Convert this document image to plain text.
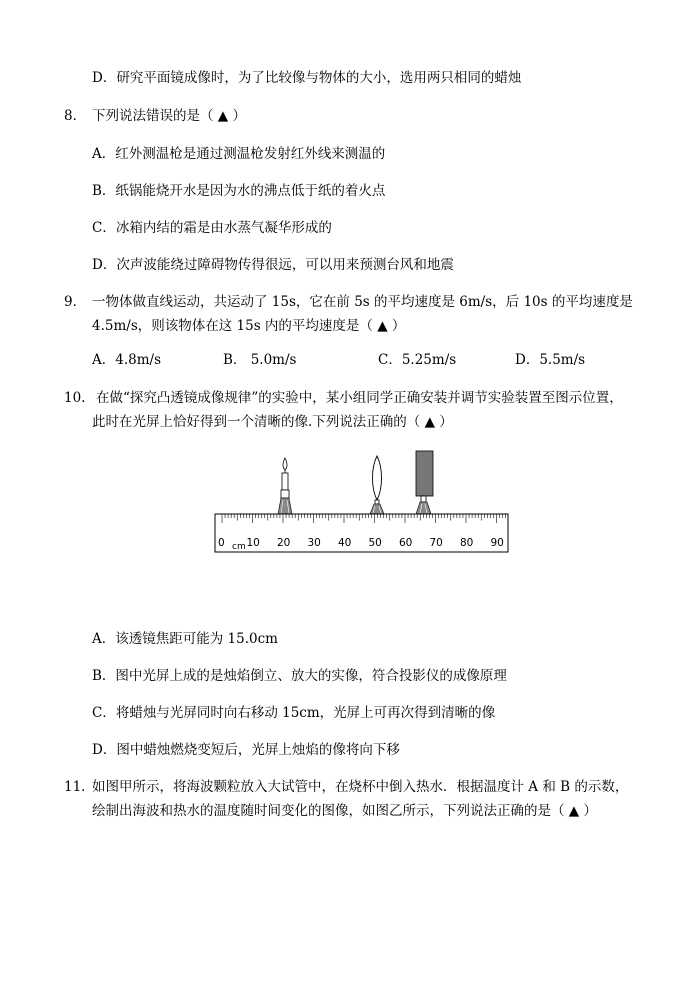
D．研究平面镜成像时，为了比较像与物体的大小，选用两只相同的蜡烛
8． 下列说法错误的是（ ▲ ）
A．红外测温枪是通过测温枪发射红外线来测温的
B．纸锅能烧开水是因为水的沸点低于纸的着火点
C．冰箱内结的霜是由水蒸气凝华形成的
D．次声波能绕过障碍物传得很远，可以用来预测台风和地震
9． 一物体做直线运动，共运动了 15s，它在前 5s 的平均速度是 6m/s，后 10s 的平均速度是
4.5m/s，则该物体在这 15s 内的平均速度是（ ▲ ）
A．4.8m/s	B． 5.0m/s	C．5.25m/s	D．5.5m/s
10. 在做“探究凸透镜成像规律”的实验中，某小组同学正确安装并调节实验装置至图示位置，
此时在光屏上恰好得到一个清晰的像.下列说法正确的（ ▲ ）
0 10 20 30 40 50 60 70 80 90
cm
A．该透镜焦距可能为 15.0cm
B．图中光屏上成的是烛焰倒立、放大的实像，符合投影仪的成像原理
C．将蜡烛与光屏同时向右移动 15cm，光屏上可再次得到清晰的像
D．图中蜡烛燃烧变短后，光屏上烛焰的像将向下移
11．
如图甲所示，将海波颗粒放入大试管中，在烧杯中倒入热水．根据温度计 A 和 B 的示数，
绘制出海波和热水的温度随时间变化的图像，如图乙所示，下列说法正确的是（ ▲ ）
